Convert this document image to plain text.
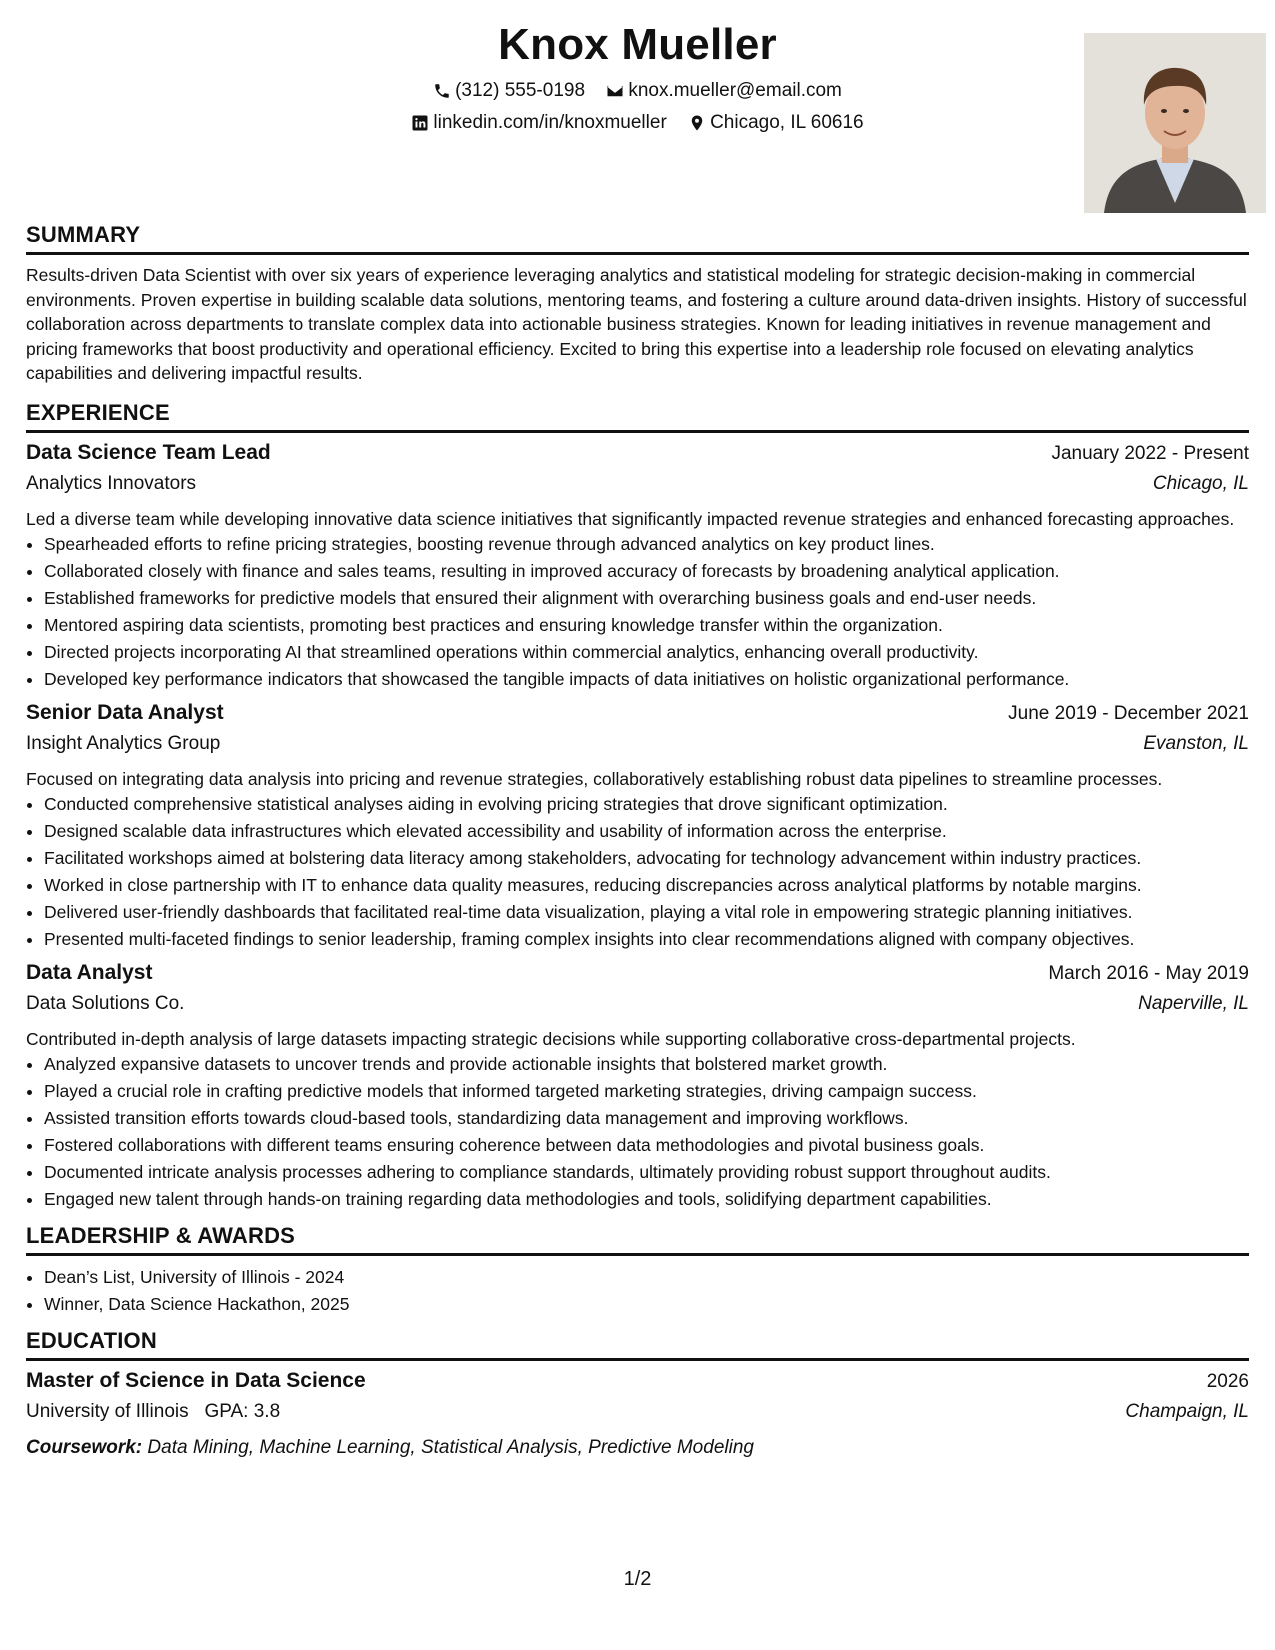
Knox Mueller
(312) 555-0198
knox.mueller@email.com
linkedin.com/in/knoxmueller
Chicago, IL 60616
SUMMARY

Results-driven Data Scientist with over six years of experience leveraging analytics and statistical modeling for strategic decision-making in commercial environments. Proven expertise in building scalable data solutions, mentoring teams, and fostering a culture around data-driven insights. History of successful collaboration across departments to translate complex data into actionable business strategies. Known for leading initiatives in revenue management and pricing frameworks that boost productivity and operational efficiency. Excited to bring this expertise into a leadership role focused on elevating analytics capabilities and delivering impactful results.

EXPERIENCE
Data Science Team Lead	January 2022 - Present
Analytics Innovators	Chicago, IL
Led a diverse team while developing innovative data science initiatives that significantly impacted revenue strategies and enhanced forecasting approaches.
• Spearheaded efforts to refine pricing strategies, boosting revenue through advanced analytics on key product lines.
• Collaborated closely with finance and sales teams, resulting in improved accuracy of forecasts by broadening analytical application.
• Established frameworks for predictive models that ensured their alignment with overarching business goals and end-user needs.
• Mentored aspiring data scientists, promoting best practices and ensuring knowledge transfer within the organization.
• Directed projects incorporating AI that streamlined operations within commercial analytics, enhancing overall productivity.
• Developed key performance indicators that showcased the tangible impacts of data initiatives on holistic organizational performance.
Senior Data Analyst	June 2019 - December 2021
Insight Analytics Group	Evanston, IL
Focused on integrating data analysis into pricing and revenue strategies, collaboratively establishing robust data pipelines to streamline processes.
• Conducted comprehensive statistical analyses aiding in evolving pricing strategies that drove significant optimization.
• Designed scalable data infrastructures which elevated accessibility and usability of information across the enterprise.
• Facilitated workshops aimed at bolstering data literacy among stakeholders, advocating for technology advancement within industry practices.
• Worked in close partnership with IT to enhance data quality measures, reducing discrepancies across analytical platforms by notable margins.
• Delivered user-friendly dashboards that facilitated real-time data visualization, playing a vital role in empowering strategic planning initiatives.
• Presented multi-faceted findings to senior leadership, framing complex insights into clear recommendations aligned with company objectives.
Data Analyst	March 2016 - May 2019
Data Solutions Co.	Naperville, IL
Contributed in-depth analysis of large datasets impacting strategic decisions while supporting collaborative cross-departmental projects.
• Analyzed expansive datasets to uncover trends and provide actionable insights that bolstered market growth.
• Played a crucial role in crafting predictive models that informed targeted marketing strategies, driving campaign success.
• Assisted transition efforts towards cloud-based tools, standardizing data management and improving workflows.
• Fostered collaborations with different teams ensuring coherence between data methodologies and pivotal business goals.
• Documented intricate analysis processes adhering to compliance standards, ultimately providing robust support throughout audits.
• Engaged new talent through hands-on training regarding data methodologies and tools, solidifying department capabilities.
LEADERSHIP & AWARDS
• Dean’s List, University of Illinois - 2024
• Winner, Data Science Hackathon, 2025
EDUCATION
Master of Science in Data Science	2026
University of Illinois GPA: 3.8	Champaign, IL
Coursework: Data Mining, Machine Learning, Statistical Analysis, Predictive Modeling
1/2
